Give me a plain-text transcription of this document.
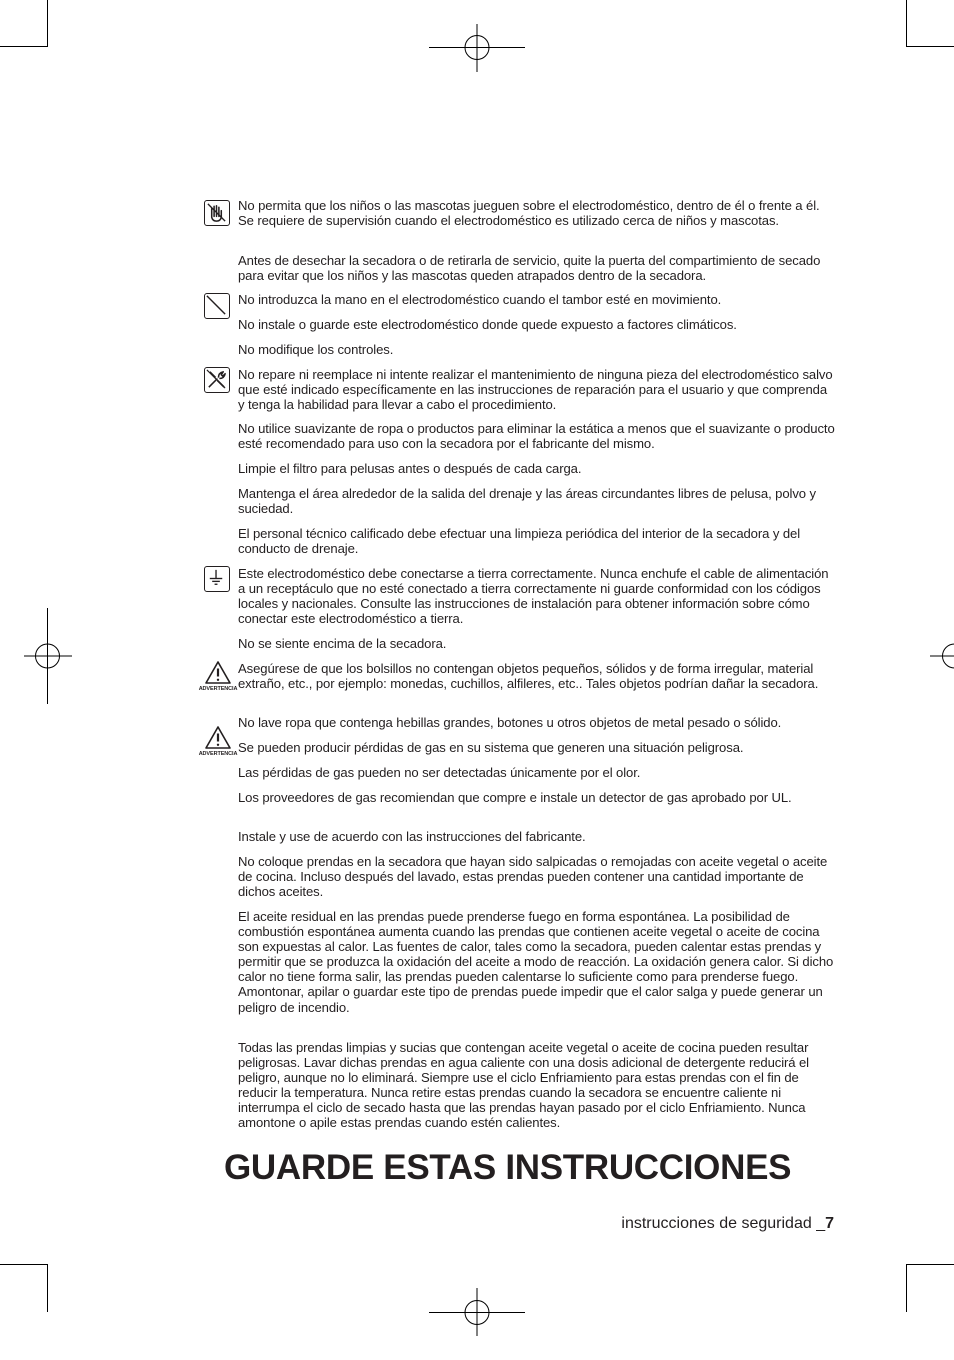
ADVERTENCIA
ADVERTENCIA

No permita que los niños o las mascotas jueguen sobre el electrodoméstico, dentro de él o frente a él. Se requiere de supervisión cuando el electrodoméstico es utilizado cerca de niños y mascotas.

Antes de desechar la secadora o de retirarla de servicio, quite la puerta del compartimiento de secado para evitar que los niños y las mascotas queden atrapados dentro de la secadora.

No introduzca la mano en el electrodoméstico cuando el tambor esté en movimiento.

No instale o guarde este electrodoméstico donde quede expuesto a factores climáticos.

No modifique los controles.

No repare ni reemplace ni intente realizar el mantenimiento de ninguna pieza del electrodoméstico salvo que esté indicado específicamente en las instrucciones de reparación para el usuario y que comprenda y tenga la habilidad para llevar a cabo el procedimiento.

No utilice suavizante de ropa o productos para eliminar la estática a menos que el suavizante o producto esté recomendado para uso con la secadora por el fabricante del mismo.

Limpie el filtro para pelusas antes o después de cada carga.

Mantenga el área alrededor de la salida del drenaje y las áreas circundantes libres de pelusa, polvo y suciedad.

El personal técnico calificado debe efectuar una limpieza periódica del interior de la secadora y del conducto de drenaje.

Este electrodoméstico debe conectarse a tierra correctamente. Nunca enchufe el cable de alimentación a un receptáculo que no esté conectado a tierra correctamente ni guarde conformidad con los códigos locales y nacionales. Consulte las instrucciones de instalación para obtener información sobre cómo conectar este electrodoméstico a tierra.

No se siente encima de la secadora.

Asegúrese de que los bolsillos no contengan objetos pequeños, sólidos y de forma irregular, material extraño, etc., por ejemplo: monedas, cuchillos, alfileres, etc.. Tales objetos podrían dañar la secadora.

No lave ropa que contenga hebillas grandes, botones u otros objetos de metal pesado o sólido.

Se pueden producir pérdidas de gas en su sistema que generen una situación peligrosa.

Las pérdidas de gas pueden no ser detectadas únicamente por el olor.

Los proveedores de gas recomiendan que compre e instale un detector de gas aprobado por UL.

Instale y use de acuerdo con las instrucciones del fabricante.

No coloque prendas en la secadora que hayan sido salpicadas o remojadas con aceite vegetal o aceite de cocina. Incluso después del lavado, estas prendas pueden contener una cantidad importante de dichos aceites.

El aceite residual en las prendas puede prenderse fuego en forma espontánea. La posibilidad de combustión espontánea aumenta cuando las prendas que contienen aceite vegetal o aceite de cocina son expuestas al calor. Las fuentes de calor, tales como la secadora, pueden calentar estas prendas y permitir que se produzca la oxidación del aceite a modo de reacción. La oxidación genera calor. Si dicho calor no tiene forma salir, las prendas pueden calentarse lo suficiente como para prenderse fuego. Amontonar, apilar o guardar este tipo de prendas puede impedir que el calor salga y puede generar un peligro de incendio.

Todas las prendas limpias y sucias que contengan aceite vegetal o aceite de cocina pueden resultar peligrosas. Lavar dichas prendas en agua caliente con una dosis adicional de detergente reducirá el peligro, aunque no lo eliminará. Siempre use el ciclo Enfriamiento para estas prendas con el fin de reducir la temperatura. Nunca retire estas prendas cuando la secadora se encuentre caliente ni interrumpa el ciclo de secado hasta que las prendas hayan pasado por el ciclo Enfriamiento. Nunca amontone o apile estas prendas cuando estén calientes.

GUARDE ESTAS INSTRUCCIONES
instrucciones de seguridad _7
